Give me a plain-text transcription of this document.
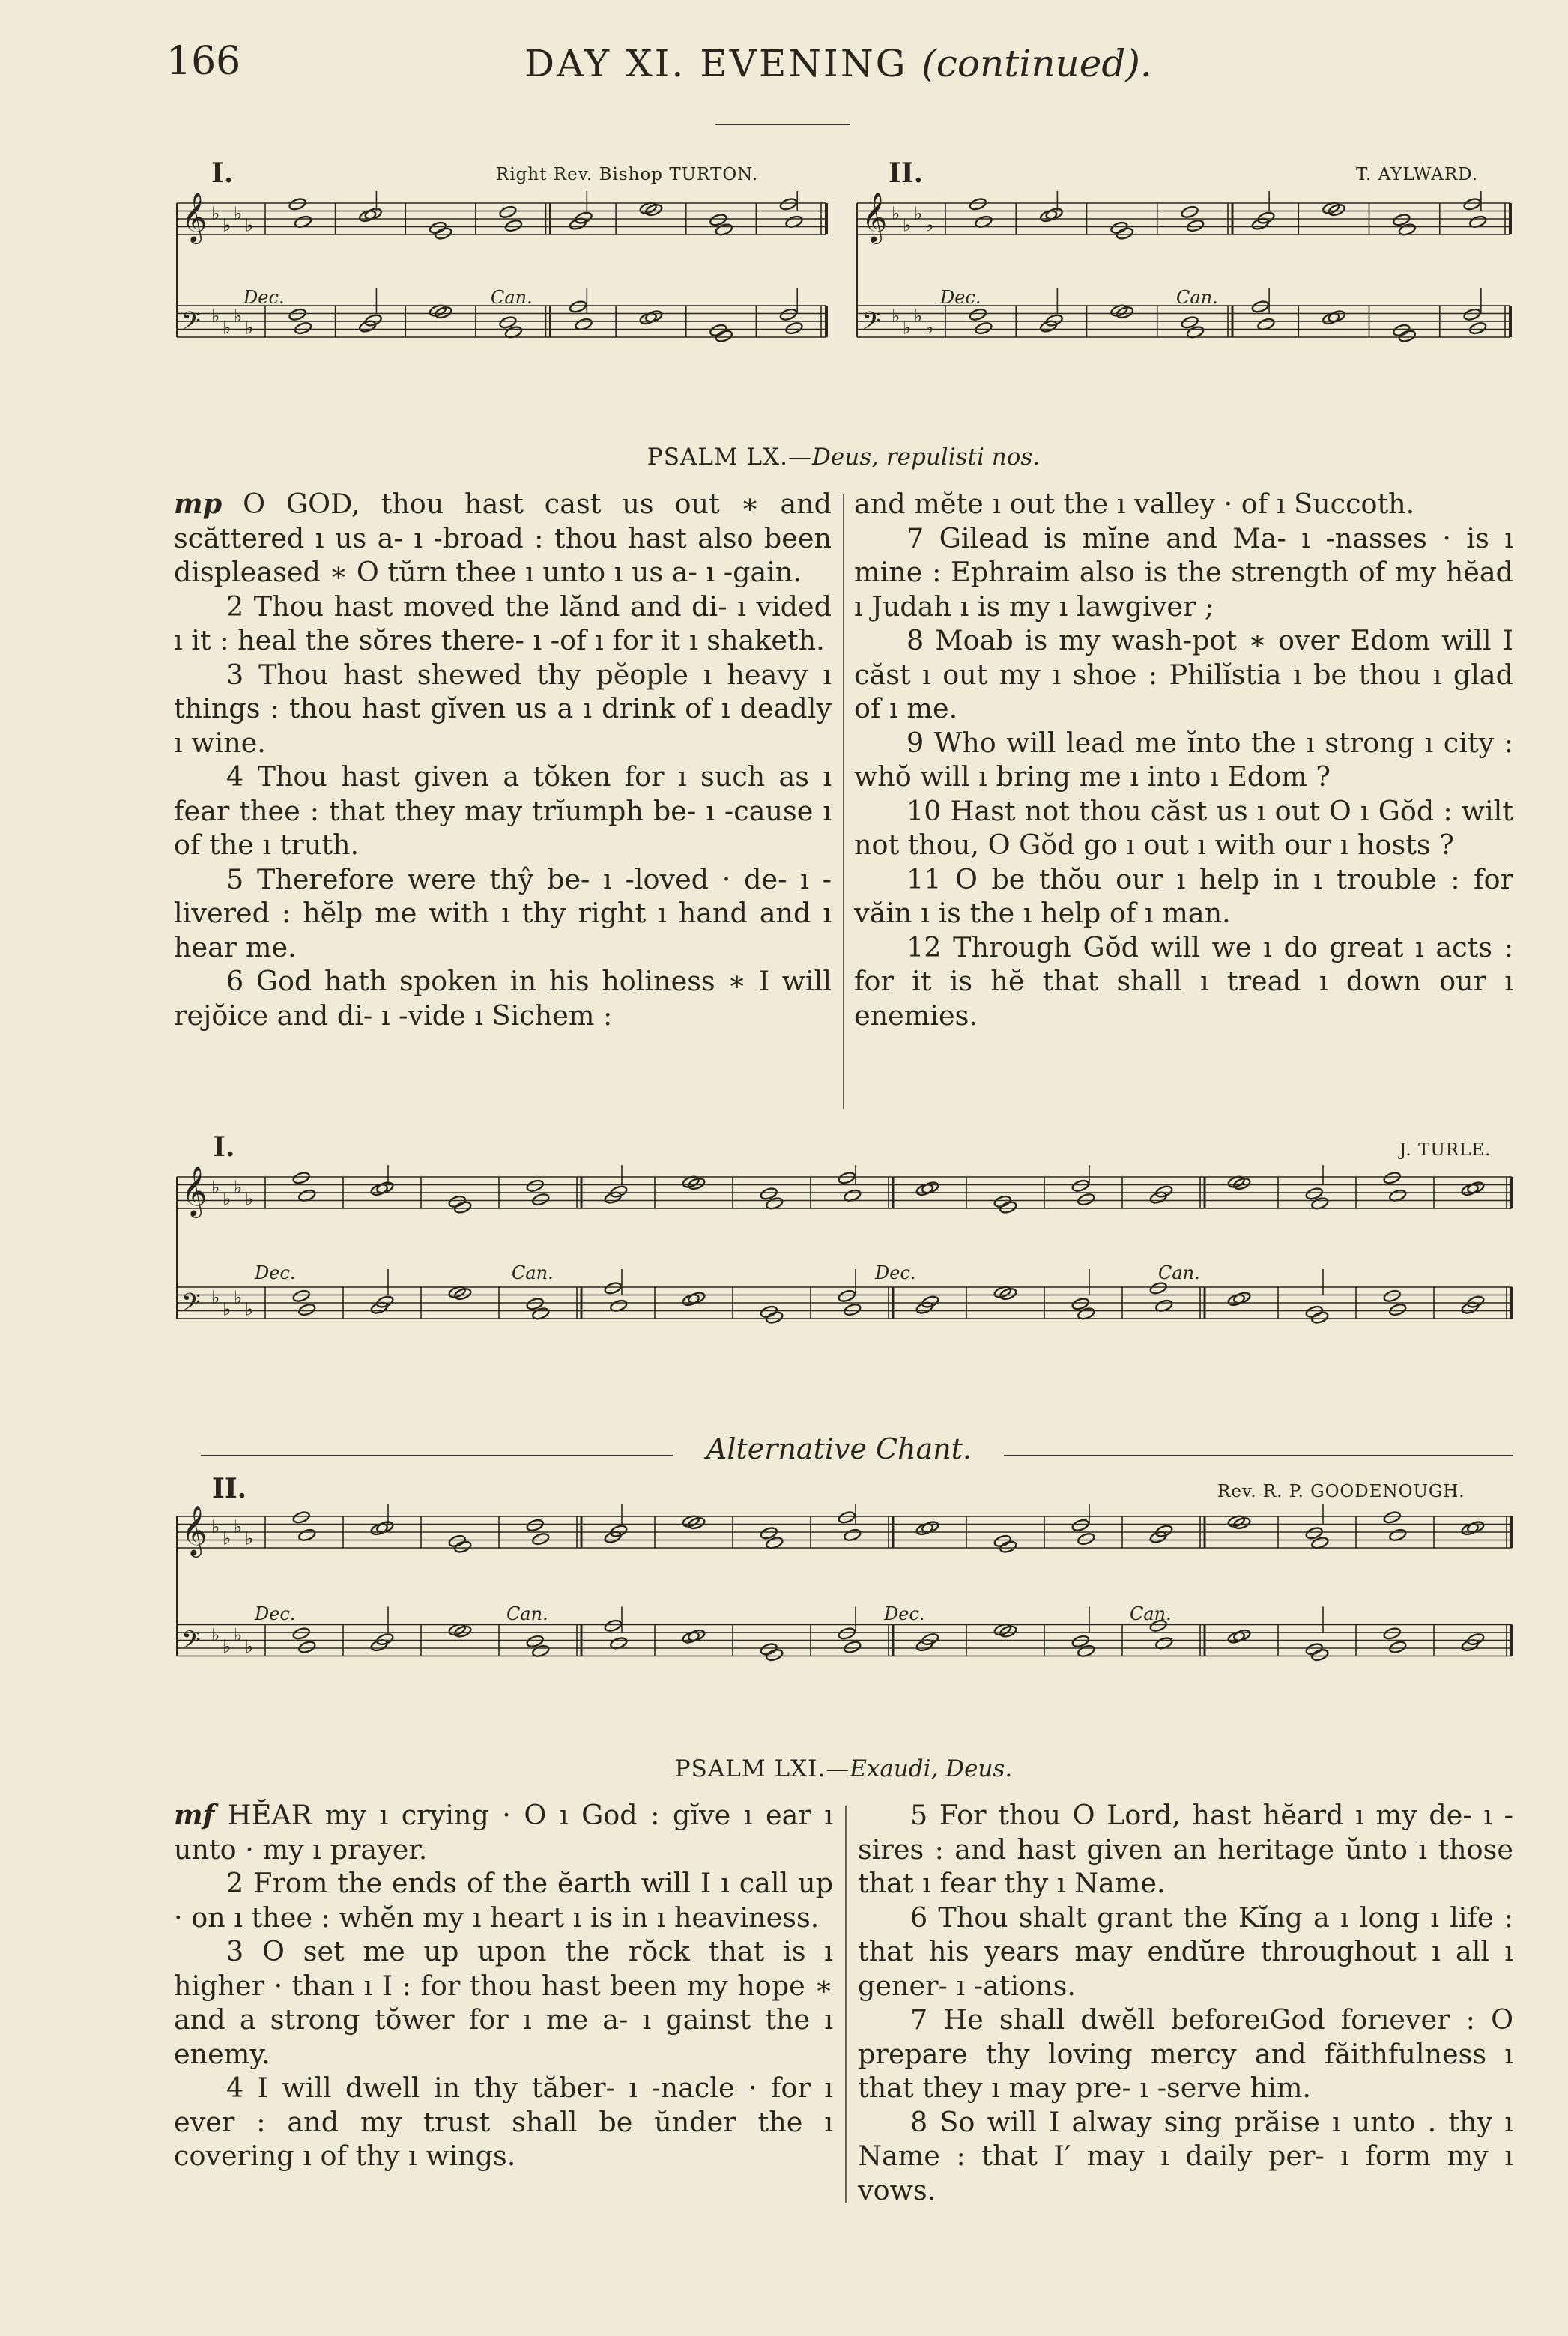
166	DAY XI. EVENING (continued).
I.	Right Rev. Bishop TURTON.	II.	T. AYLWARD.
𝄞 ♭
♭
♭
♭
𝄢 ♭
♭
♭
♭
Dec.	Can.
𝄞 ♭
♭
♭
♭
𝄢 ♭
♭
♭
♭
Dec.	Can.
PSALM LX.—Deus, repulisti nos.

mp O GOD, thou hast cast us out ∗ and scăttered ı us a- ı -broad : thou hast also been displeased ∗ O tŭrn thee ı unto ı us a- ı -gain.

2 Thou hast moved the lănd and di- ı vided ı it : heal the sŏres there- ı -of ı for it ı shaketh.

3 Thou hast shewed thy pĕople ı heavy ı things : thou hast gĭven us a ı drink of ı deadly ı wine.

4 Thou hast given a tŏken for ı such as ı fear thee : that they may trĭumph be- ı -cause ı of the ı truth.

5 Therefore were thŷ be- ı -loved · de- ı -livered : hĕlp me with ı thy right ı hand and ı hear me.

6 God hath spoken in his holiness ∗ I will rejŏice and di- ı -vide ı Sichem :

and mĕte ı out the ı valley · of ı Succoth.

7 Gilead is mĭne and Ma- ı -nasses · is ı mine : Ephraim also is the strength of my hĕad ı Judah ı is my ı lawgiver ;

8 Moab is my wash-pot ∗ over Edom will I căst ı out my ı shoe : Philĭstia ı be thou ı glad of ı me.

9 Who will lead me ĭnto the ı strong ı city : whŏ will ı bring me ı into ı Edom ?

10 Hast not thou căst us ı out O ı Gŏd : wilt not thou, O Gŏd go ı out ı with our ı hosts ?

11 O be thŏu our ı help in ı trouble : for văin ı is the ı help of ı man.

12 Through Gŏd will we ı do great ı acts : for it is hĕ that shall ı tread ı down our ı enemies.

I.	J. TURLE.
𝄞 ♭
♭
♭
♭
𝄢 ♭
♭
♭
♭
Dec.	Can.	Dec.	Can.
Alternative Chant.
II.	Rev. R. P. GOODENOUGH.
𝄞 ♭
♭
♭
♭
𝄢 ♭
♭
♭
♭
Dec.	Can.	Dec.	Can.
PSALM LXI.—Exaudi, Deus.

mf HĔAR my ı crying · O ı God : gĭve ı ear ı unto · my ı prayer.

2 From the ends of the ĕarth will I ı call up · on ı thee : whĕn my ı heart ı is in ı heaviness.

3 O set me up upon the rŏck that is ı higher · than ı I : for thou hast been my hope ∗ and a strong tŏwer for ı me a- ı gainst the ı enemy.

4 I will dwell in thy tăber- ı -nacle · for ı ever : and my trust shall be ŭnder the ı covering ı of thy ı wings.

5 For thou O Lord, hast hĕard ı my de- ı -sires : and hast given an heritage ŭnto ı those that ı fear thy ı Name.

6 Thou shalt grant the Kĭng a ı long ı life : that his years may endŭre throughout ı all ı gener- ı -ations.

7 He shall dwĕll beforeıGod forıever : O prepare thy loving mercy and făithfulness ı that they ı may pre- ı -serve him.

8 So will I alway sing prăise ı unto . thy ı Name : that I′ may ı daily per- ı form my ı vows.
